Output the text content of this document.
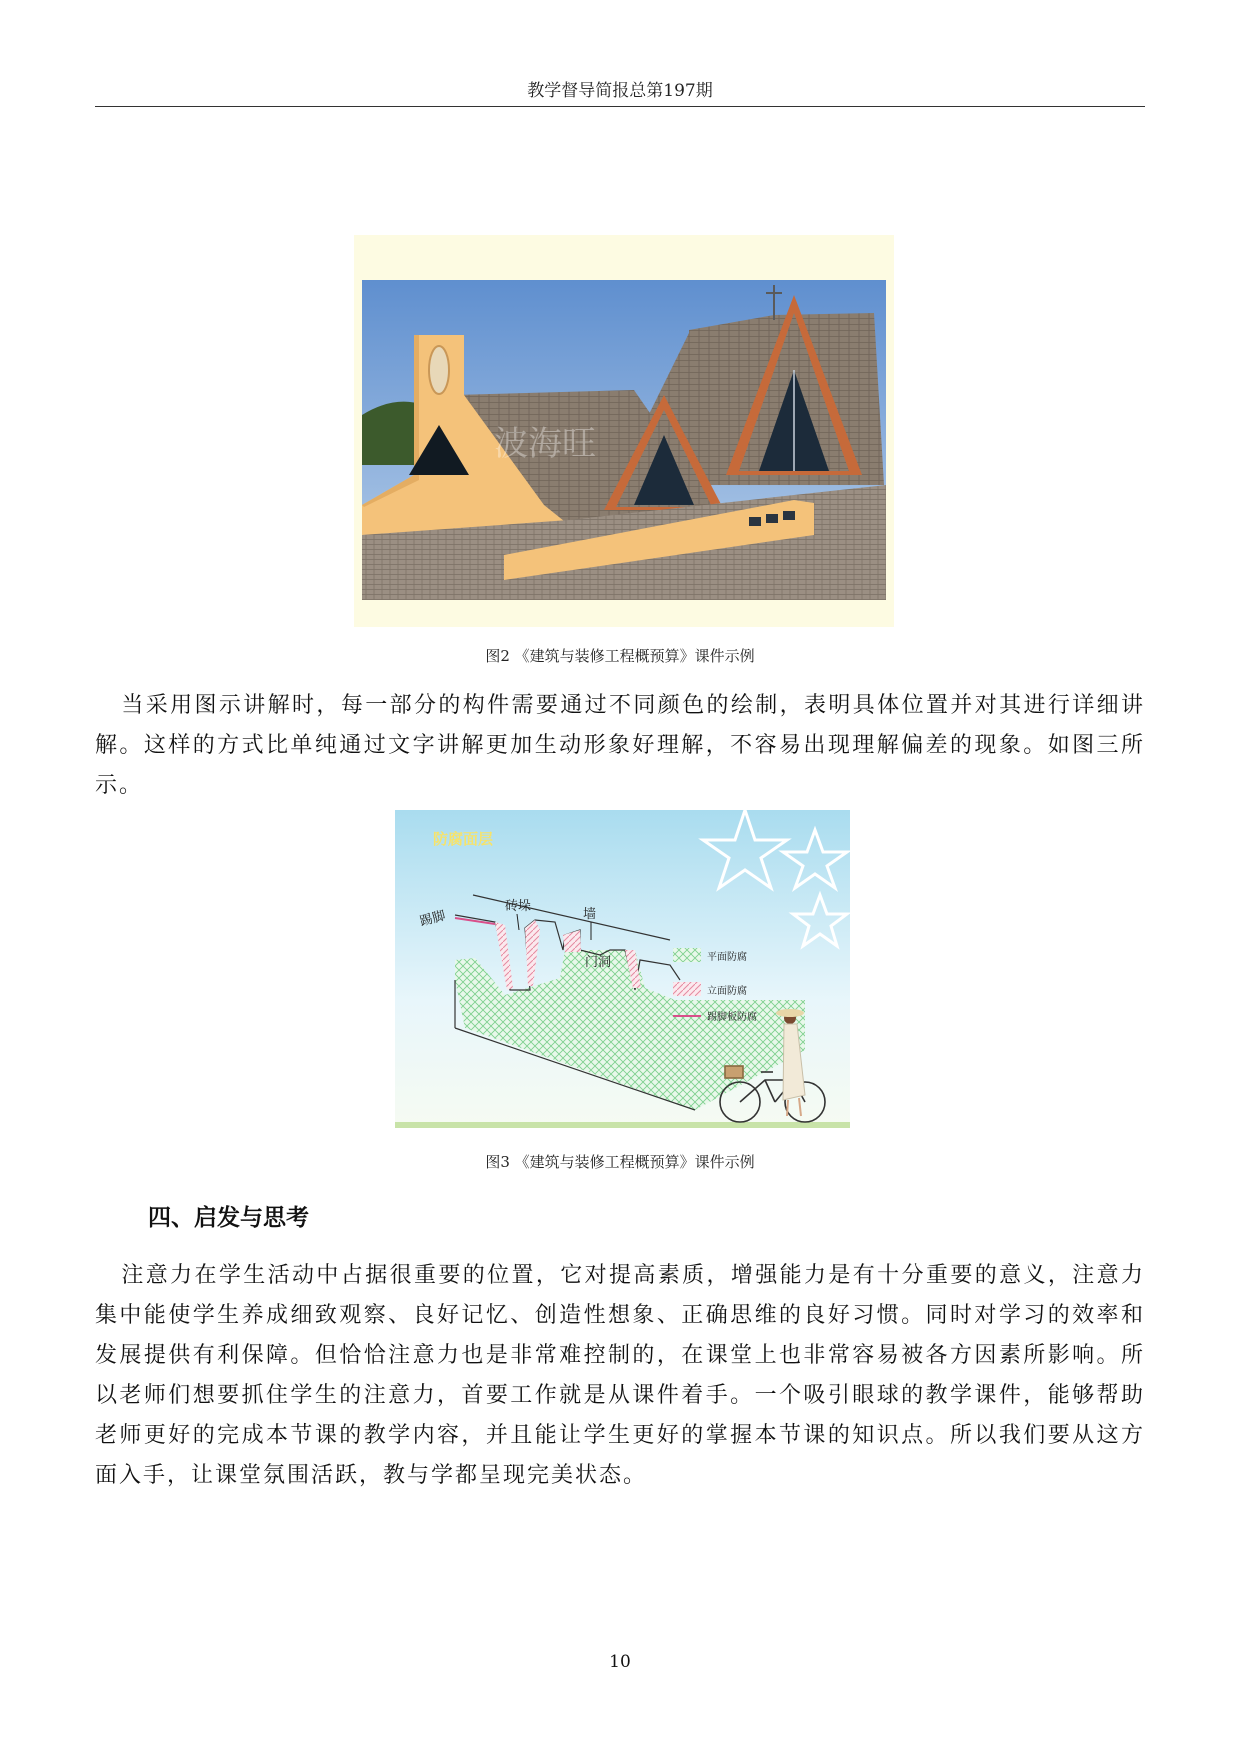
教学督导简报总第197期
波海旺
图2 《建筑与装修工程概预算》课件示例

当采用图示讲解时，每一部分的构件需要通过不同颜色的绘制，表明具体位置并对其进行详细讲解。这样的方式比单纯通过文字讲解更加生动形象好理解，不容易出现理解偏差的现象。如图三所示。

防腐面层
砖垛
墙
踢脚
门洞	平面防腐
立面防腐
踢脚板防腐
图3 《建筑与装修工程概预算》课件示例
四、启发与思考

注意力在学生活动中占据很重要的位置，它对提高素质，增强能力是有十分重要的意义，注意力集中能使学生养成细致观察、良好记忆、创造性想象、正确思维的良好习惯。同时对学习的效率和发展提供有利保障。但恰恰注意力也是非常难控制的，在课堂上也非常容易被各方因素所影响。所以老师们想要抓住学生的注意力，首要工作就是从课件着手。一个吸引眼球的教学课件，能够帮助老师更好的完成本节课的教学内容，并且能让学生更好的掌握本节课的知识点。所以我们要从这方面入手，让课堂氛围活跃，教与学都呈现完美状态。

10
